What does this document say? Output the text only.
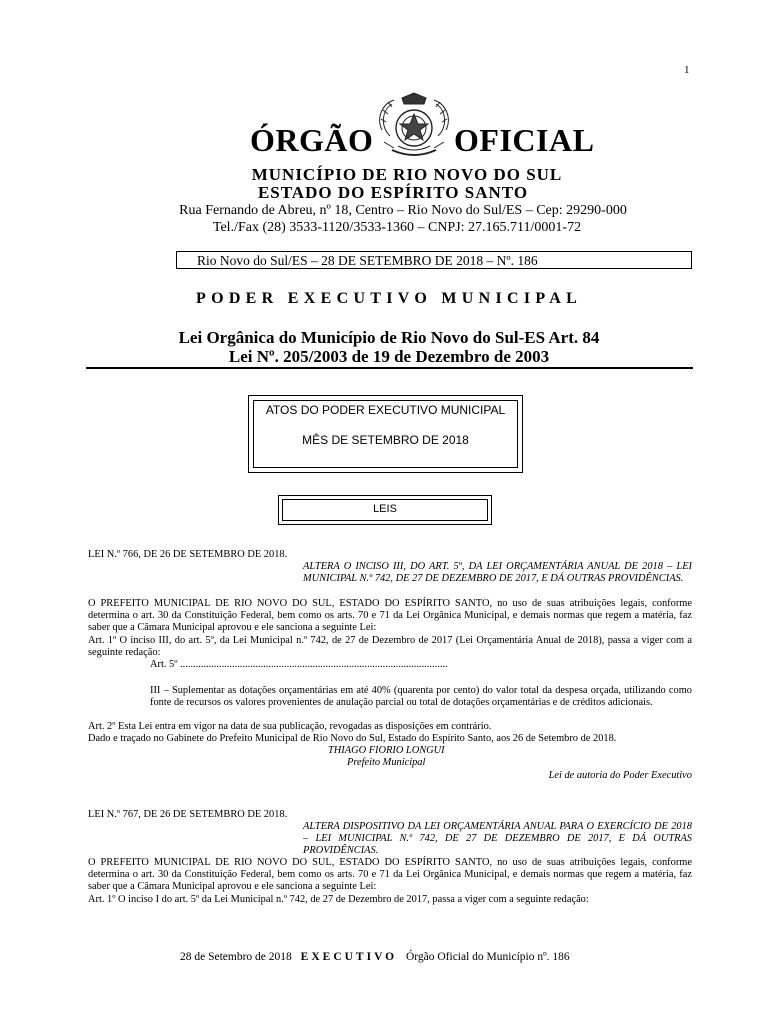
1
ÓRGÃO	OFICIAL
MUNICÍPIO DE RIO NOVO DO SUL
ESTADO DO ESPÍRITO SANTO
Rua Fernando de Abreu, nº 18, Centro – Rio Novo do Sul/ES – Cep: 29290-000
Tel./Fax (28) 3533-1120/3533-1360 – CNPJ: 27.165.711/0001-72
Rio Novo do Sul/ES – 28 DE SETEMBRO DE 2018 – Nº. 186
PODER EXECUTIVO MUNICIPAL
Lei Orgânica do Município de Rio Novo do Sul-ES Art. 84
Lei Nº. 205/2003 de 19 de Dezembro de 2003
ATOS DO PODER EXECUTIVO MUNICIPAL
MÊS DE SETEMBRO DE 2018
LEIS
LEI N.º 766, DE 26 DE SETEMBRO DE 2018.
ALTERA O INCISO III, DO ART. 5º, DA LEI ORÇAMENTÁRIA ANUAL DE 2018 – LEI MUNICIPAL N.º 742, DE 27 DE DEZEMBRO DE 2017, E DÁ OUTRAS PROVIDÊNCIAS.
O PREFEITO MUNICIPAL DE RIO NOVO DO SUL, ESTADO DO ESPÍRITO SANTO, no uso de suas atribuições legais, conforme determina o art. 30 da Constituição Federal, bem como os arts. 70 e 71 da Lei Orgânica Municipal, e demais normas que regem a matéria, faz saber que a Câmara Municipal aprovou e ele sanciona a seguinte Lei:
Art. 1º O inciso III, do art. 5º, da Lei Municipal n.º 742, de 27 de Dezembro de 2017 (Lei Orçamentária Anual de 2018), passa a viger com a seguinte redação:
Art. 5º .......................................................................................................
III – Suplementar as dotações orçamentárias em até 40% (quarenta por cento) do valor total da despesa orçada, utilizando como fonte de recursos os valores provenientes de anulação parcial ou total de dotações orçamentárias e de créditos adicionais.
Art. 2º Esta Lei entra em vigor na data de sua publicação, revogadas as disposições em contrário.
Dado e traçado no Gabinete do Prefeito Municipal de Rio Novo do Sul, Estado do Espírito Santo, aos 26 de Setembro de 2018.
THIAGO FIORIO LONGUI
Prefeito Municipal
Lei de autoria do Poder Executivo
LEI N.º 767, DE 26 DE SETEMBRO DE 2018.
ALTERA DISPOSITIVO DA LEI ORÇAMENTÁRIA ANUAL PARA O EXERCÍCIO DE 2018 – LEI MUNICIPAL N.º 742, DE 27 DE DEZEMBRO DE 2017, E DÁ OUTRAS PROVIDÊNCIAS.
O PREFEITO MUNICIPAL DE RIO NOVO DO SUL, ESTADO DO ESPÍRITO SANTO, no uso de suas atribuições legais, conforme determina o art. 30 da Constituição Federal, bem como os arts. 70 e 71 da Lei Orgânica Municipal, e demais normas que regem a matéria, faz saber que a Câmara Municipal aprovou e ele sanciona a seguinte Lei:
Art. 1º O inciso I do art. 5º da Lei Municipal n.º 742, de 27 de Dezembro de 2017, passa a viger com a seguinte redação:
28 de Setembro de 2018 EXECUTIVO Órgão Oficial do Município nº. 186
